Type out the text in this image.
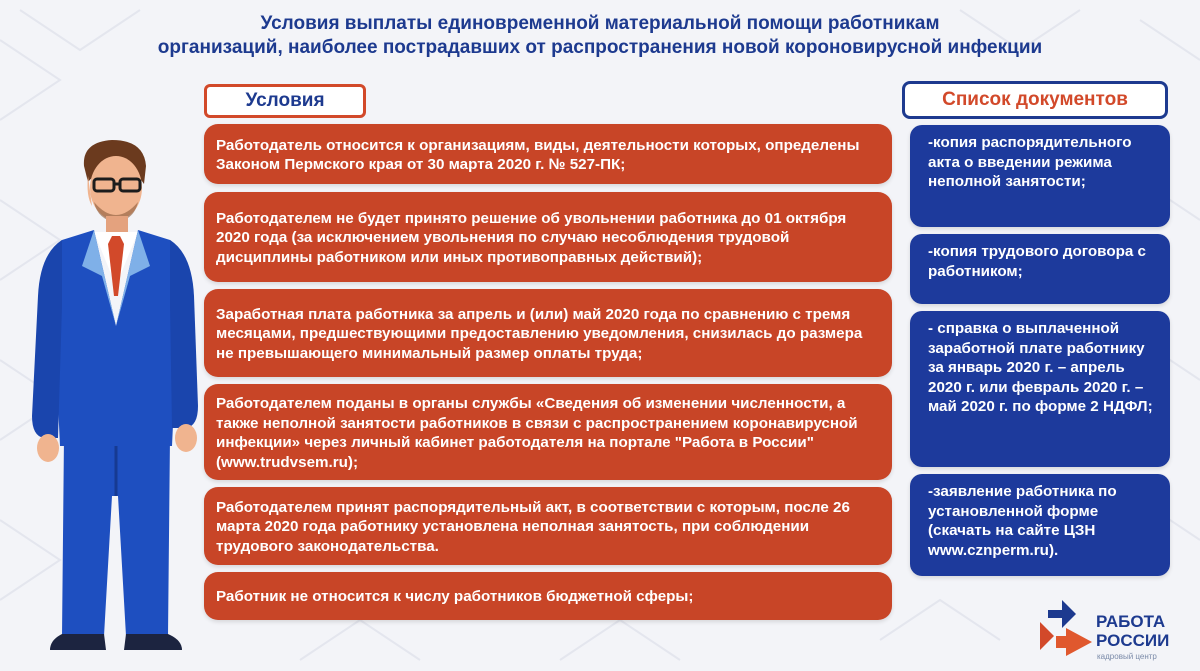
Условия выплаты единовременной материальной помощи работникам
организаций, наиболее пострадавших от распространения новой короновирусной инфекции
Условия	Список документов
Работодатель относится к организациям, виды, деятельности которых, определены Законом Пермского края от 30 марта 2020 г. № 527-ПК;
Работодателем не будет принято решение об увольнении работника до 01 октября 2020 года (за исключением увольнения по случаю несоблюдения трудовой дисциплины работником или иных противоправных действий);
Заработная плата работника за апрель и (или) май 2020 года по сравнению с тремя месяцами, предшествующими предоставлению уведомления, снизилась до размера не превышающего минимальный размер оплаты труда;
Работодателем поданы в органы службы «Сведения об изменении численности, а также неполной занятости работников в связи с распространением коронавирусной инфекции» через личный кабинет работодателя на портале "Работа в России" (www.trudvsem.ru);
Работодателем принят распорядительный акт, в соответствии с которым, после 26 марта 2020 года работнику установлена неполная занятость, при соблюдении трудового законодательства.
Работник не относится к числу работников бюджетной сферы;
-копия распорядительного акта о введении режима неполной занятости;
-копия трудового договора с работником;
- справка о выплаченной заработной плате работнику за январь 2020 г. – апрель 2020 г. или февраль 2020 г. – май 2020 г. по форме 2 НДФЛ;
-заявление работника по установленной форме (скачать на сайте ЦЗН www.cznperm.ru).
РАБОТА
РОССИИ
кадровый центр
